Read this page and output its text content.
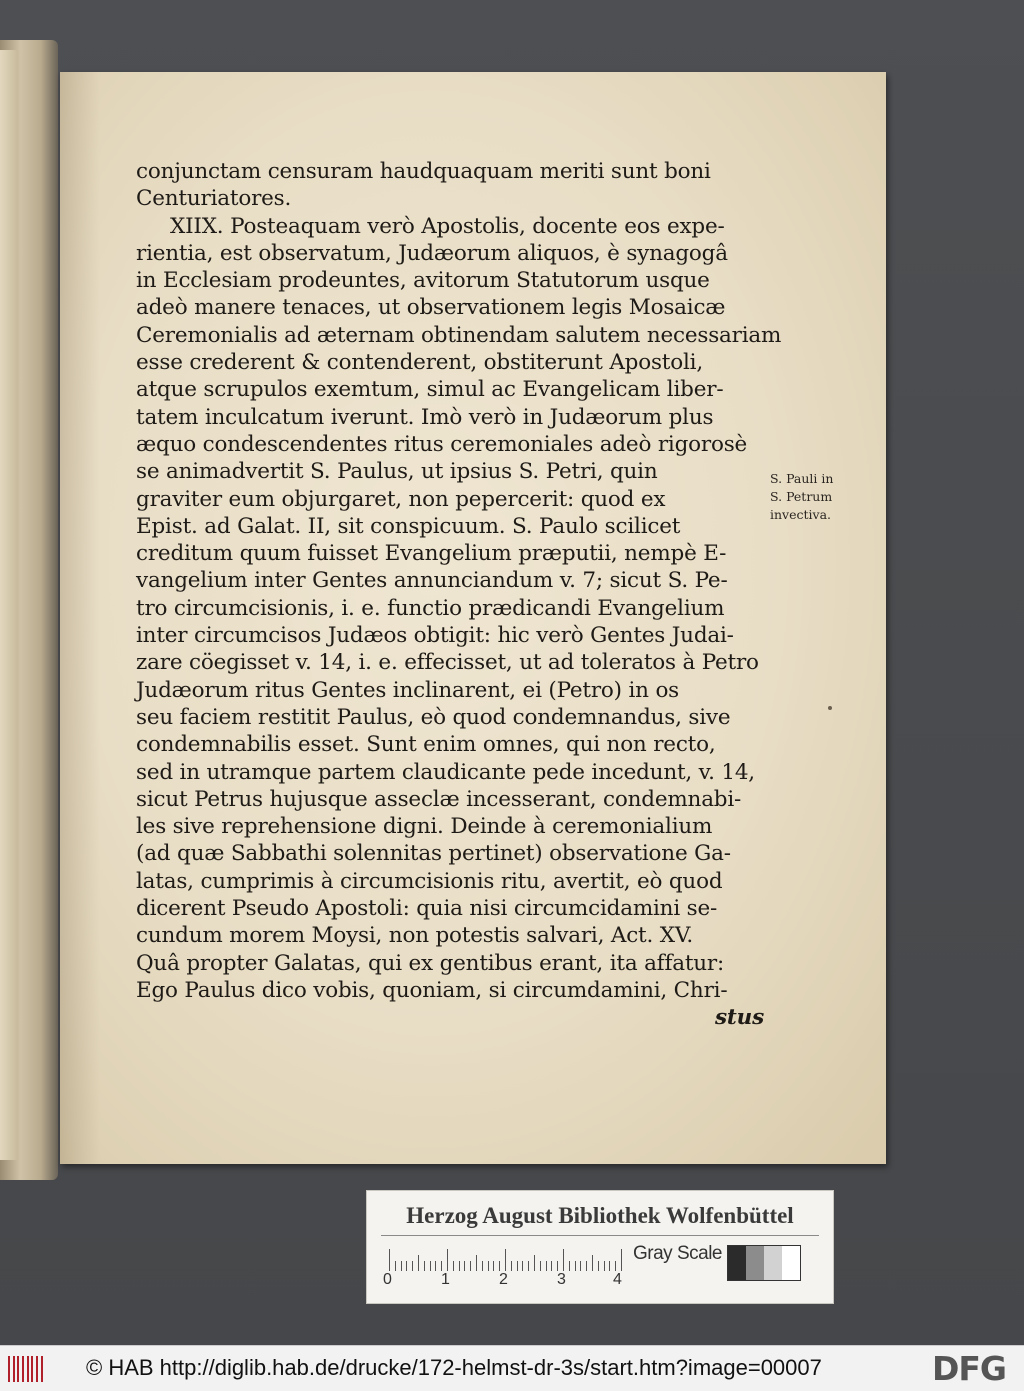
conjunctam censuram haudquaquam meriti sunt boni
Centuriatores.
XIIX. Posteaquam verò Apostolis, docente eos expe-
rientia, est observatum, Judæorum aliquos, è synagogâ
in Ecclesiam prodeuntes, avitorum Statutorum usque
adeò manere tenaces, ut observationem legis Mosaicæ
Ceremonialis ad æternam obtinendam salutem necessariam
esse crederent & contenderent, obstiterunt Apostoli,
atque scrupulos exemtum, simul ac Evangelicam liber-
tatem inculcatum iverunt. Imò verò in Judæorum plus
æquo condescendentes ritus ceremoniales adeò rigorosè
se animadvertit S. Paulus, ut ipsius S. Petri, quin
graviter eum objurgaret, non pepercerit: quod ex
Epist. ad Galat. II, sit conspicuum. S. Paulo scilicet
creditum quum fuisset Evangelium præputii, nempè E-
vangelium inter Gentes annunciandum v. 7; sicut S. Pe-
tro circumcisionis, i. e. functio prædicandi Evangelium
inter circumcisos Judæos obtigit: hic verò Gentes Judai-
zare cöegisset v. 14, i. e. effecisset, ut ad toleratos à Petro
Judæorum ritus Gentes inclinarent, ei (Petro) in os
seu faciem restitit Paulus, eò quod condemnandus, sive
condemnabilis esset. Sunt enim omnes, qui non recto,
sed in utramque partem claudicante pede incedunt, v. 14,
sicut Petrus hujusque asseclæ incesserant, condemnabi-
les sive reprehensione digni. Deinde à ceremonialium
(ad quæ Sabbathi solennitas pertinet) observatione Ga-
latas, cumprimis à circumcisionis ritu, avertit, eò quod
dicerent Pseudo Apostoli: quia nisi circumcidamini se-
cundum morem Moysi, non potestis salvari, Act. XV.
Quâ propter Galatas, qui ex gentibus erant, ita affatur:
Ego Paulus dico vobis, quoniam, si circumdamini, Chri-
stus
S. Pauli in
S. Petrum
invectiva.
Herzog August Bibliothek Wolfenbüttel
0	1	2	3	4
Gray Scale
© HAB http://diglib.hab.de/drucke/172-helmst-dr-3s/start.htm?image=00007	DFG
